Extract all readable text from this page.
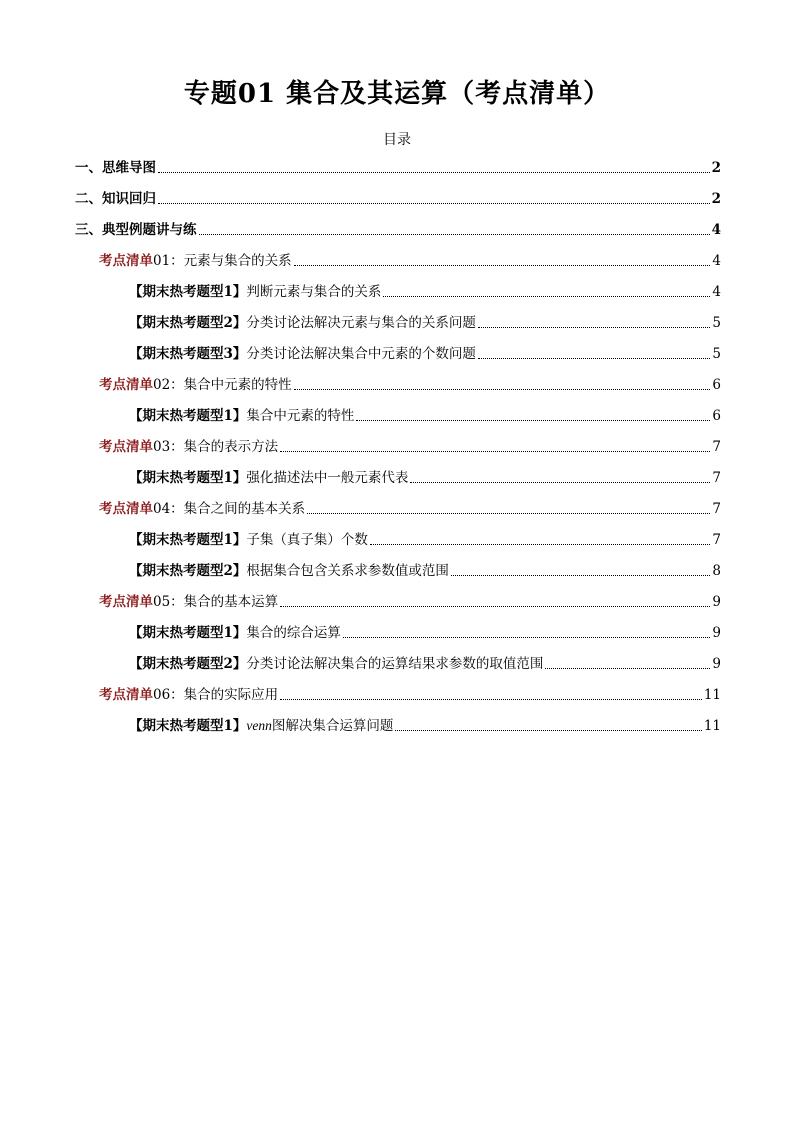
专题01 集合及其运算（考点清单）
目录
一、思维导图	2
二、知识回归	2
三、典型例题讲与练	4
考点清单 01：元素与集合的关系	4
【期末热考题型1】 判断元素与集合的关系	4
【期末热考题型2】 分类讨论法解决元素与集合的关系问题	5
【期末热考题型3】 分类讨论法解决集合中元素的个数问题	5
考点清单 02：集合中元素的特性	6
【期末热考题型1】 集合中元素的特性	6
考点清单 03：集合的表示方法	7
【期末热考题型1】 强化描述法中一般元素代表	7
考点清单 04：集合之间的基本关系	7
【期末热考题型1】 子集（真子集）个数	7
【期末热考题型2】 根据集合包含关系求参数值或范围	8
考点清单 05：集合的基本运算	9
【期末热考题型1】 集合的综合运算	9
【期末热考题型2】 分类讨论法解决集合的运算结果求参数的取值范围	9
考点清单 06：集合的实际应用	11
【期末热考题型1】 venn 图解决集合运算问题	11
